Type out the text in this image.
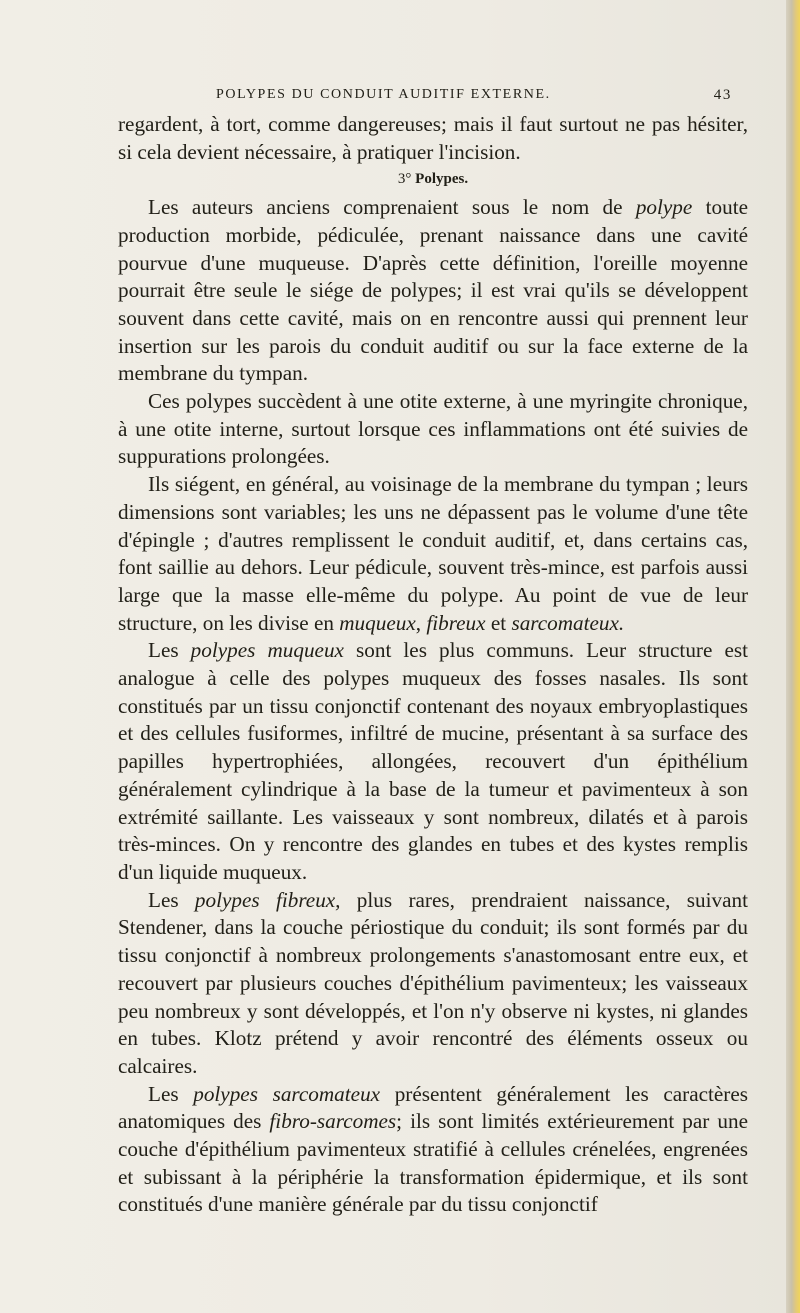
POLYPES DU CONDUIT AUDITIF EXTERNE.	43

regardent, à tort, comme dangereuses; mais il faut surtout ne pas hésiter, si cela devient nécessaire, à pratiquer l'incision.

3° Polypes.

Les auteurs anciens comprenaient sous le nom de polype toute production morbide, pédiculée, prenant naissance dans une cavité pourvue d'une muqueuse. D'après cette définition, l'oreille moyenne pourrait être seule le siége de polypes; il est vrai qu'ils se développent souvent dans cette cavité, mais on en rencontre aussi qui prennent leur insertion sur les parois du conduit auditif ou sur la face externe de la membrane du tympan.

Ces polypes succèdent à une otite externe, à une myringite chronique, à une otite interne, surtout lorsque ces inflammations ont été suivies de suppurations prolongées.

Ils siégent, en général, au voisinage de la membrane du tympan ; leurs dimensions sont variables; les uns ne dépassent pas le volume d'une tête d'épingle ; d'autres remplissent le conduit auditif, et, dans certains cas, font saillie au dehors. Leur pédicule, souvent très-mince, est parfois aussi large que la masse elle-même du polype. Au point de vue de leur structure, on les divise en muqueux, fibreux et sarcomateux.

Les polypes muqueux sont les plus communs. Leur structure est analogue à celle des polypes muqueux des fosses nasales. Ils sont constitués par un tissu conjonctif contenant des noyaux embryoplastiques et des cellules fusiformes, infiltré de mucine, présentant à sa surface des papilles hypertrophiées, allongées, recouvert d'un épithélium généralement cylindrique à la base de la tumeur et pavimenteux à son extrémité saillante. Les vaisseaux y sont nombreux, dilatés et à parois très-minces. On y rencontre des glandes en tubes et des kystes remplis d'un liquide muqueux.

Les polypes fibreux, plus rares, prendraient naissance, suivant Stendener, dans la couche périostique du conduit; ils sont formés par du tissu conjonctif à nombreux prolongements s'anastomosant entre eux, et recouvert par plusieurs couches d'épithélium pavimenteux; les vaisseaux peu nombreux y sont développés, et l'on n'y observe ni kystes, ni glandes en tubes. Klotz prétend y avoir rencontré des éléments osseux ou calcaires.

Les polypes sarcomateux présentent généralement les caractères anatomiques des fibro-sarcomes; ils sont limités extérieurement par une couche d'épithélium pavimenteux stratifié à cellules crénelées, engrenées et subissant à la périphérie la transformation épidermique, et ils sont constitués d'une manière générale par du tissu conjonctif
